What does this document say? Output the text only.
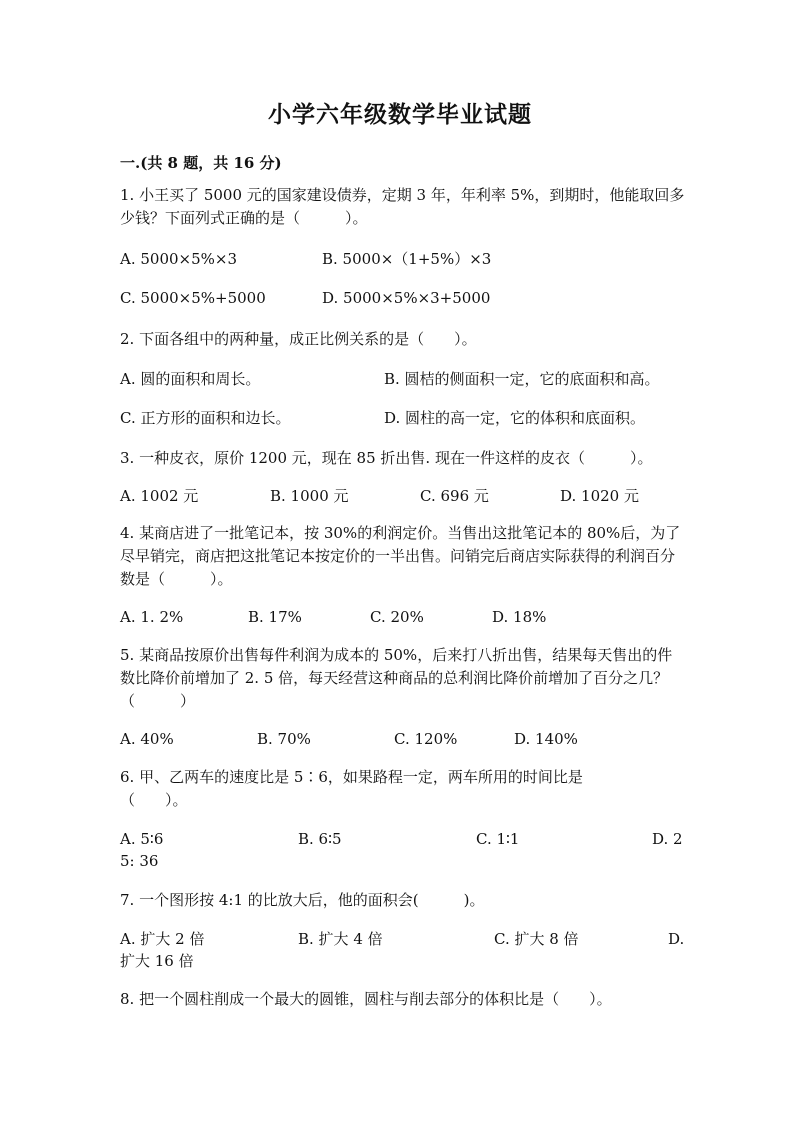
小学六年级数学毕业试题
一.(共 8 题，共 16 分)
1. 小王买了 5000 元的国家建设债券，定期 3 年，年利率 5%，到期时，他能取回多少钱？下面列式正确的是（　　　）。
A. 5000×5%×3	B. 5000×（1+5%）×3
C. 5000×5%+5000	D. 5000×5%×3+5000
2. 下面各组中的两种量，成正比例关系的是（　　）。
A. 圆的面积和周长。	B. 圆桔的侧面积一定，它的底面积和高。
C. 正方形的面积和边长。	D. 圆柱的高一定，它的体积和底面积。
3. 一种皮衣，原价 1200 元，现在 85 折出售. 现在一件这样的皮衣（　　　）。
A. 1002 元	B. 1000 元	C. 696 元	D. 1020 元
4. 某商店进了一批笔记本，按 30%的利润定价。当售出这批笔记本的 80%后，为了尽早销完，商店把这批笔记本按定价的一半出售。问销完后商店实际获得的利润百分数是（　　　）。
A. 1. 2%	B. 17%	C. 20%	D. 18%
5. 某商品按原价出售每件利润为成本的 50%，后来打八折出售，结果每天售出的件数比降价前增加了 2. 5 倍，每天经营这种商品的总利润比降价前增加了百分之几？（　　　）
A. 40%	B. 70%	C. 120%	D. 140%
6. 甲、乙两车的速度比是 5∶6，如果路程一定，两车所用的时间比是
（　　）。
A. 5∶6	B. 6∶5	C. 1∶1	D. 2
5: 36
7. 一个图形按 4:1 的比放大后，他的面积会(　　　)。
A. 扩大 2 倍	B. 扩大 4 倍	C. 扩大 8 倍	D.
扩大 16 倍
8. 把一个圆柱削成一个最大的圆锥，圆柱与削去部分的体积比是（　　）。
